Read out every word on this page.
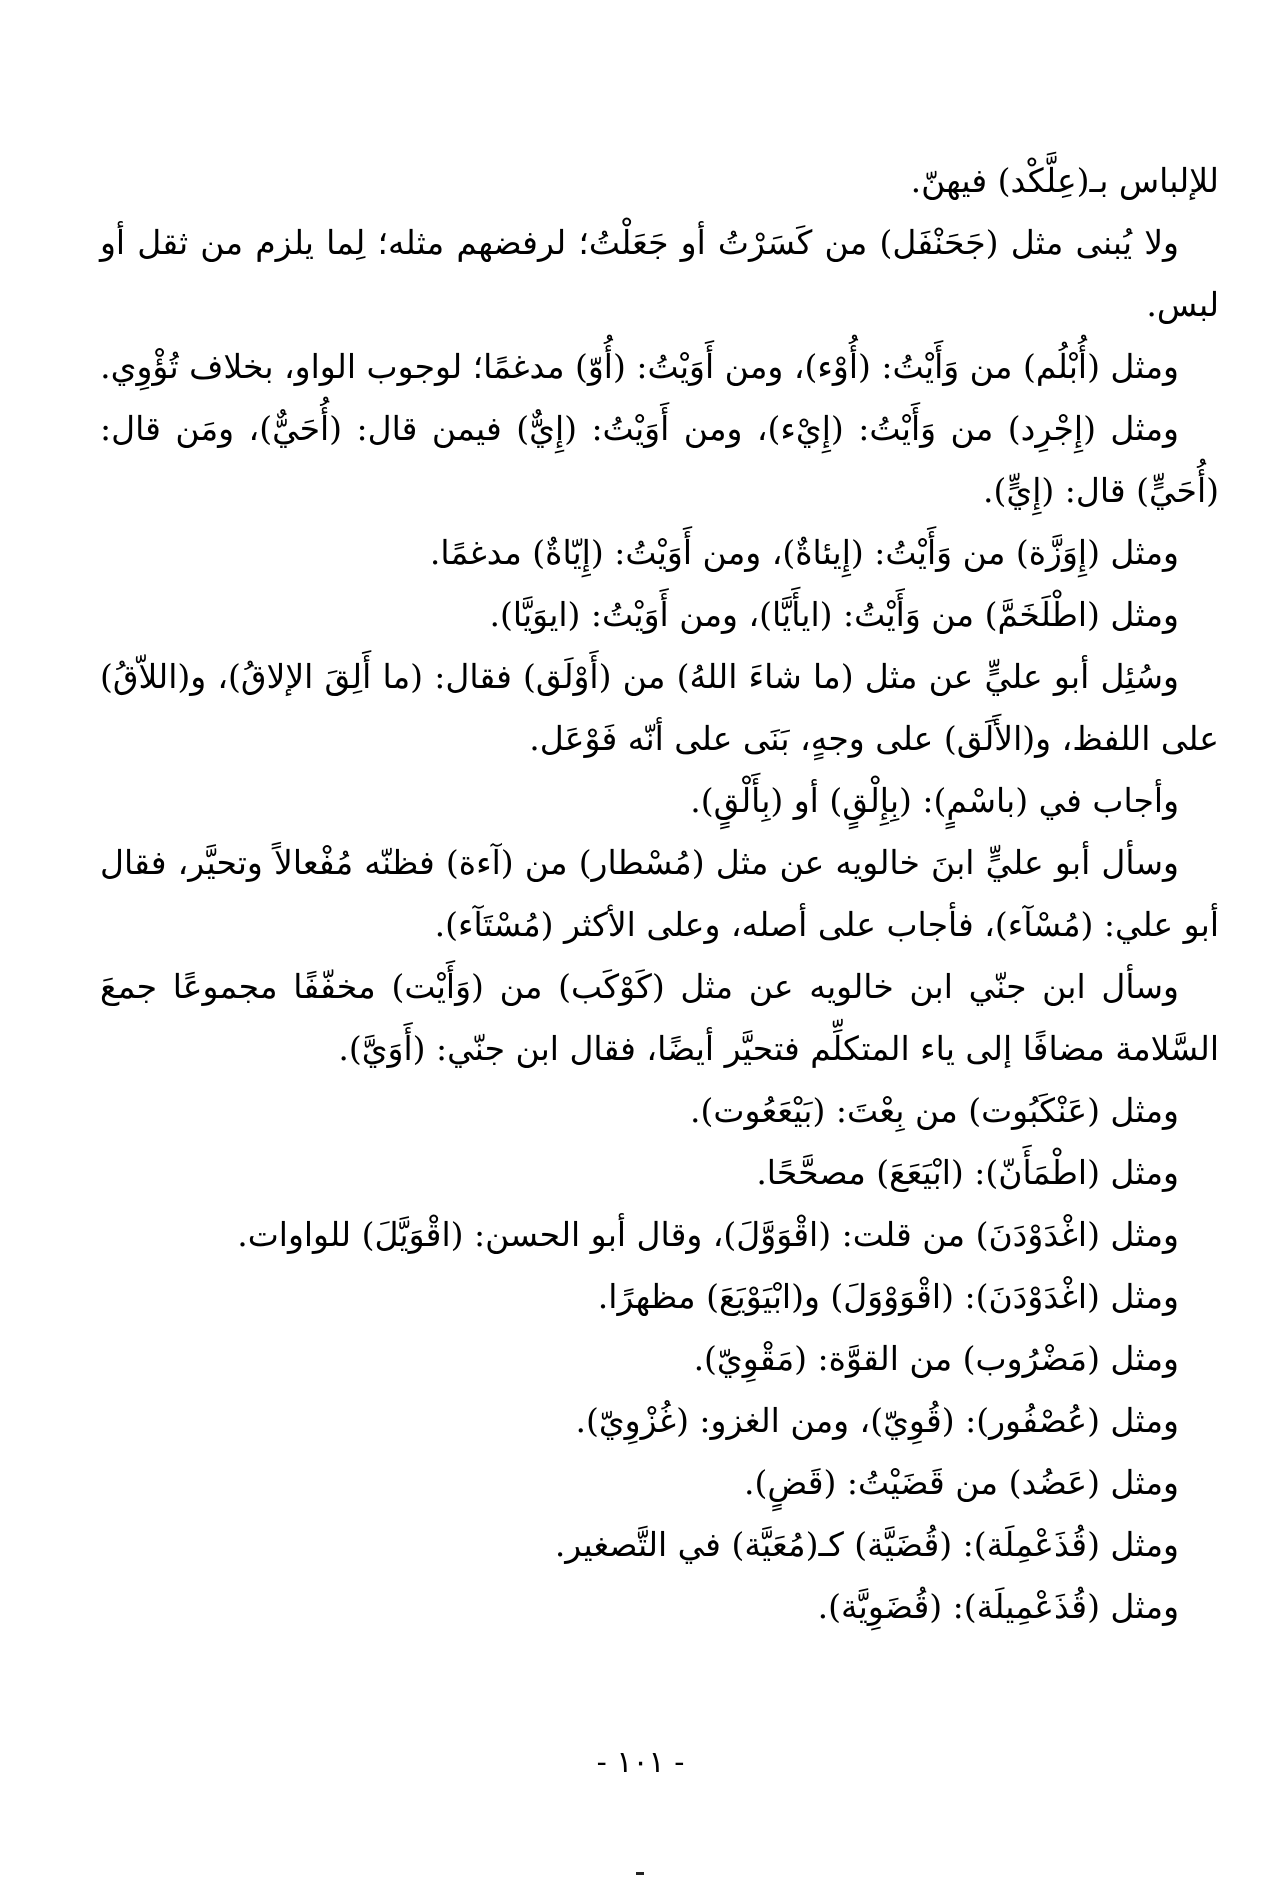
للإلباس بـ(عِلَّكْد) فيهنّ.

ولا يُبنى مثل (جَحَنْفَل) من كَسَرْتُ أو جَعَلْتُ؛ لرفضهم مثله؛ لِما يلزم من ثقل أو لبس.

ومثل (أُبْلُم) من وَأَيْتُ: (أُوْء)، ومن أَوَيْتُ: (أُوّ) مدغمًا؛ لوجوب الواو، بخلاف تُؤْوِي.

ومثل (إِجْرِد) من وَأَيْتُ: (إِيْء)، ومن أَوَيْتُ: (إِيٌّ) فيمن قال: (أُحَيٌّ)، ومَن قال: (أُحَيٍّ) قال: (إِيٍّ).

ومثل (إِوَزَّة) من وَأَيْتُ: (إِيئاةٌ)، ومن أَوَيْتُ: (إِيّاةٌ) مدغمًا.

ومثل (اطْلَخَمَّ) من وَأَيْتُ: (ايأَيَّا)، ومن أَوَيْتُ: (ايوَيَّا).

وسُئِل أبو عليٍّ عن مثل (ما شاءَ اللهُ) من (أَوْلَق) فقال: (ما أَلِقَ الإلاقُ)، و(اللاّقُ) على اللفظ، و(الأَلَق) على وجهٍ، بَنَى على أنّه فَوْعَل.

وأجاب في (باسْمٍ): (بِإِلْقٍ) أو (بِأَلْقٍ).

وسأل أبو عليٍّ ابنَ خالويه عن مثل (مُسْطار) من (آءة) فظنّه مُفْعالاً وتحيَّر، فقال أبو علي: (مُسْآء)، فأجاب على أصله، وعلى الأكثر (مُسْتَآء).

وسأل ابن جنّي ابن خالويه عن مثل (كَوْكَب) من (وَأَيْت) مخفّفًا مجموعًا جمعَ السَّلامة مضافًا إلى ياء المتكلِّم فتحيَّر أيضًا، فقال ابن جنّي: (أَوَيَّ).

ومثل (عَنْكَبُوت) من بِعْتَ: (بَيْعَعُوت).

ومثل (اطْمَأَنّ): (ابْيَعَعَ) مصحَّحًا.

ومثل (اغْدَوْدَنَ) من قلت: (اقْوَوَّلَ)، وقال أبو الحسن: (اقْوَيَّلَ) للواوات.

ومثل (اغْدَوْدَنَ): (اقْوَوْوَلَ) و(ابْيَوْيَعَ) مظهرًا.

ومثل (مَضْرُوب) من القوَّة: (مَقْوِيّ).

ومثل (عُصْفُور): (قُوِيّ)، ومن الغزو: (غُزْوِيّ).

ومثل (عَضُد) من قَضَيْتُ: (قَضٍ).

ومثل (قُذَعْمِلَة): (قُضَيَّة) كـ(مُعَيَّة) في التَّصغير.

ومثل (قُذَعْمِيلَة): (قُضَوِيَّة).

- ١٠١ -
